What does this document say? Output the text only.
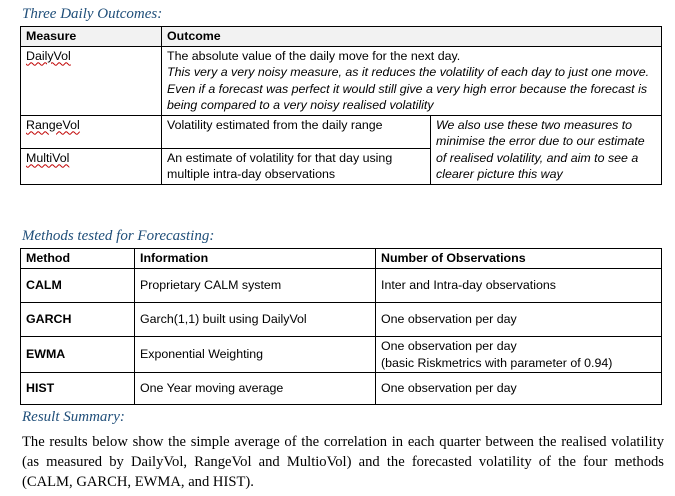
Three Daily Outcomes:
Measure	Outcome	
DailyVol	The absolute value of the daily move for the next day.
This very a very noisy measure, as it reduces the volatility of each day to just one move. Even if a forecast was perfect it would still give a very high error because the forecast is being compared to a very noisy realised volatility	

RangeVol	Volatility estimated from the daily range	We also use these two measures to minimise the error due to our estimate of realised volatility, and aim to see a clearer picture this way
MultiVol	An estimate of volatility for that day using multiple intra-day observations	
Methods tested for Forecasting:
Method	Information	Number of Observations
CALM	Proprietary CALM system	Inter and Intra-day observations
GARCH	Garch(1,1) built using DailyVol	One observation per day
EWMA	Exponential Weighting	One observation per day
(basic Riskmetrics with parameter of 0.94)

HIST	One Year moving average	One observation per day
Result Summary:
The results below show the simple average of the correlation in each quarter between the realised volatility (as measured by DailyVol, RangeVol and MultioVol) and the forecasted volatility of the four methods (CALM, GARCH, EWMA, and HIST).
